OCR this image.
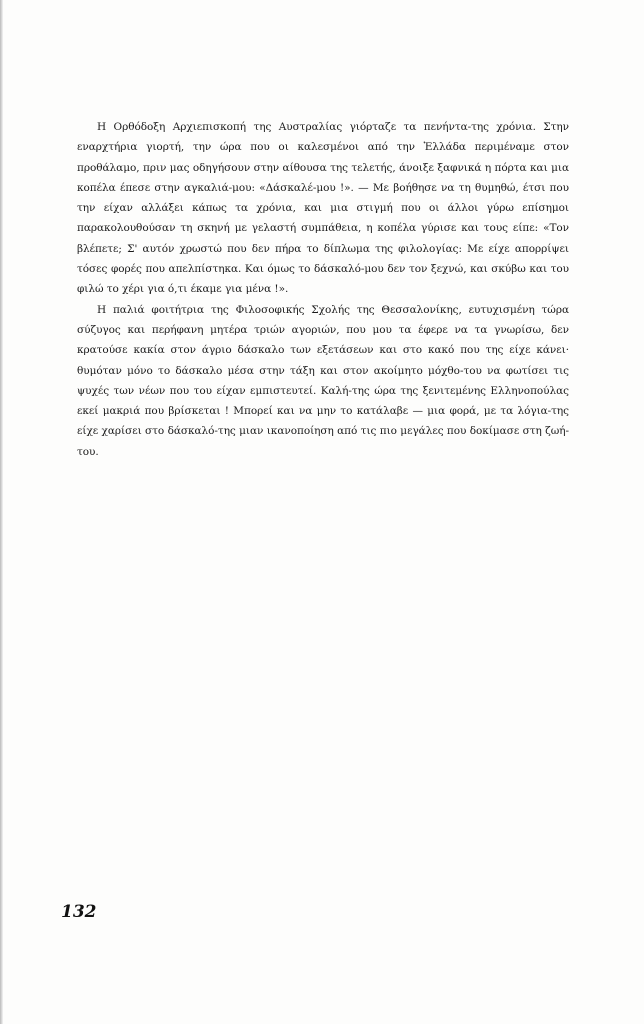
Η Ορθόδοξη Αρχιεπισκοπή της Αυστραλίας γιόρταζε τα πενήντα-της χρόνια. Στην εναρχτήρια γιορτή, την ώρα που οι καλεσμένοι από την Ἑλλάδα περιμέναμε στον προθάλαμο, πριν μας οδηγήσουν στην αίθουσα της τελετής, άνοιξε ξαφνικά η πόρτα και μια κοπέλα έπεσε στην αγκαλιά-μου: «Δάσκαλέ-μου !». — Με βοήθησε να τη θυμηθώ, έτσι που την είχαν αλλάξει κάπως τα χρόνια, και μια στιγμή που οι άλλοι γύρω επίσημοι παρακολουθούσαν τη σκηνή με γελαστή συμπάθεια, η κοπέλα γύρισε και τους είπε: «Τον βλέπετε; Σ' αυτόν χρωστώ που δεν πήρα το δίπλωμα της φιλολογίας: Με είχε απορρίψει τόσες φορές που απελπίστηκα. Και όμως το δάσκαλό-μου δεν τον ξεχνώ, και σκύβω και του φιλώ το χέρι για ό,τι έκαμε για μένα !».

Η παλιά φοιτήτρια της Φιλοσοφικής Σχολής της Θεσσαλονίκης, ευτυχισμένη τώρα σύζυγος και περήφανη μητέρα τριών αγοριών, που μου τα έφερε να τα γνωρίσω, δεν κρατούσε κακία στον άγριο δάσκαλο των εξετάσεων και στο κακό που της είχε κάνει· θυμόταν μόνο το δάσκαλο μέσα στην τάξη και στον ακοίμητο μόχθο-του να φωτίσει τις ψυχές των νέων που του είχαν εμπιστευτεί. Καλή-της ώρα της ξενιτεμένης Ελληνοπούλας εκεί μακριά που βρίσκεται ! Μπορεί και να μην το κατάλαβε — μια φορά, με τα λόγια-της είχε χαρίσει στο δάσκαλό-της μιαν ικανοποίηση από τις πιο μεγάλες που δοκίμασε στη ζωή-του.

132
